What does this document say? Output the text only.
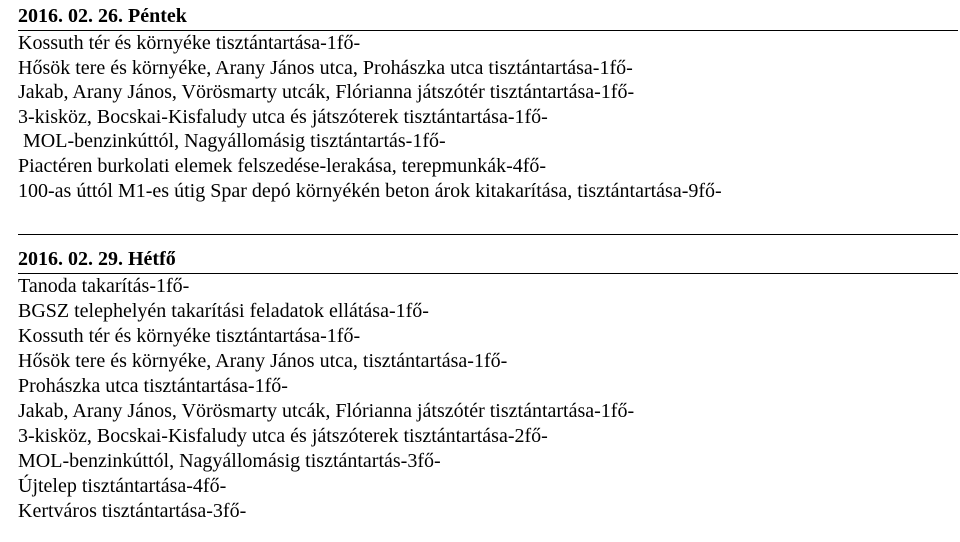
2016. 02. 26. Péntek
Kossuth tér és környéke tisztántartása-1fő-
Hősök tere és környéke, Arany János utca, Prohászka utca tisztántartása-1fő-
Jakab, Arany János, Vörösmarty utcák, Flórianna játszótér tisztántartása-1fő-
3-kisköz, Bocskai-Kisfaludy utca és játszóterek tisztántartása-1fő-
MOL-benzinkúttól, Nagyállomásig tisztántartás-1fő-
Piactéren burkolati elemek felszedése-lerakása, terepmunkák-4fő-
100-as úttól M1-es útig Spar depó környékén beton árok kitakarítása, tisztántartása-9fő-
2016. 02. 29. Hétfő
Tanoda takarítás-1fő-
BGSZ telephelyén takarítási feladatok ellátása-1fő-
Kossuth tér és környéke tisztántartása-1fő-
Hősök tere és környéke, Arany János utca, tisztántartása-1fő-
Prohászka utca tisztántartása-1fő-
Jakab, Arany János, Vörösmarty utcák, Flórianna játszótér tisztántartása-1fő-
3-kisköz, Bocskai-Kisfaludy utca és játszóterek tisztántartása-2fő-
MOL-benzinkúttól, Nagyállomásig tisztántartás-3fő-
Újtelep tisztántartása-4fő-
Kertváros tisztántartása-3fő-
